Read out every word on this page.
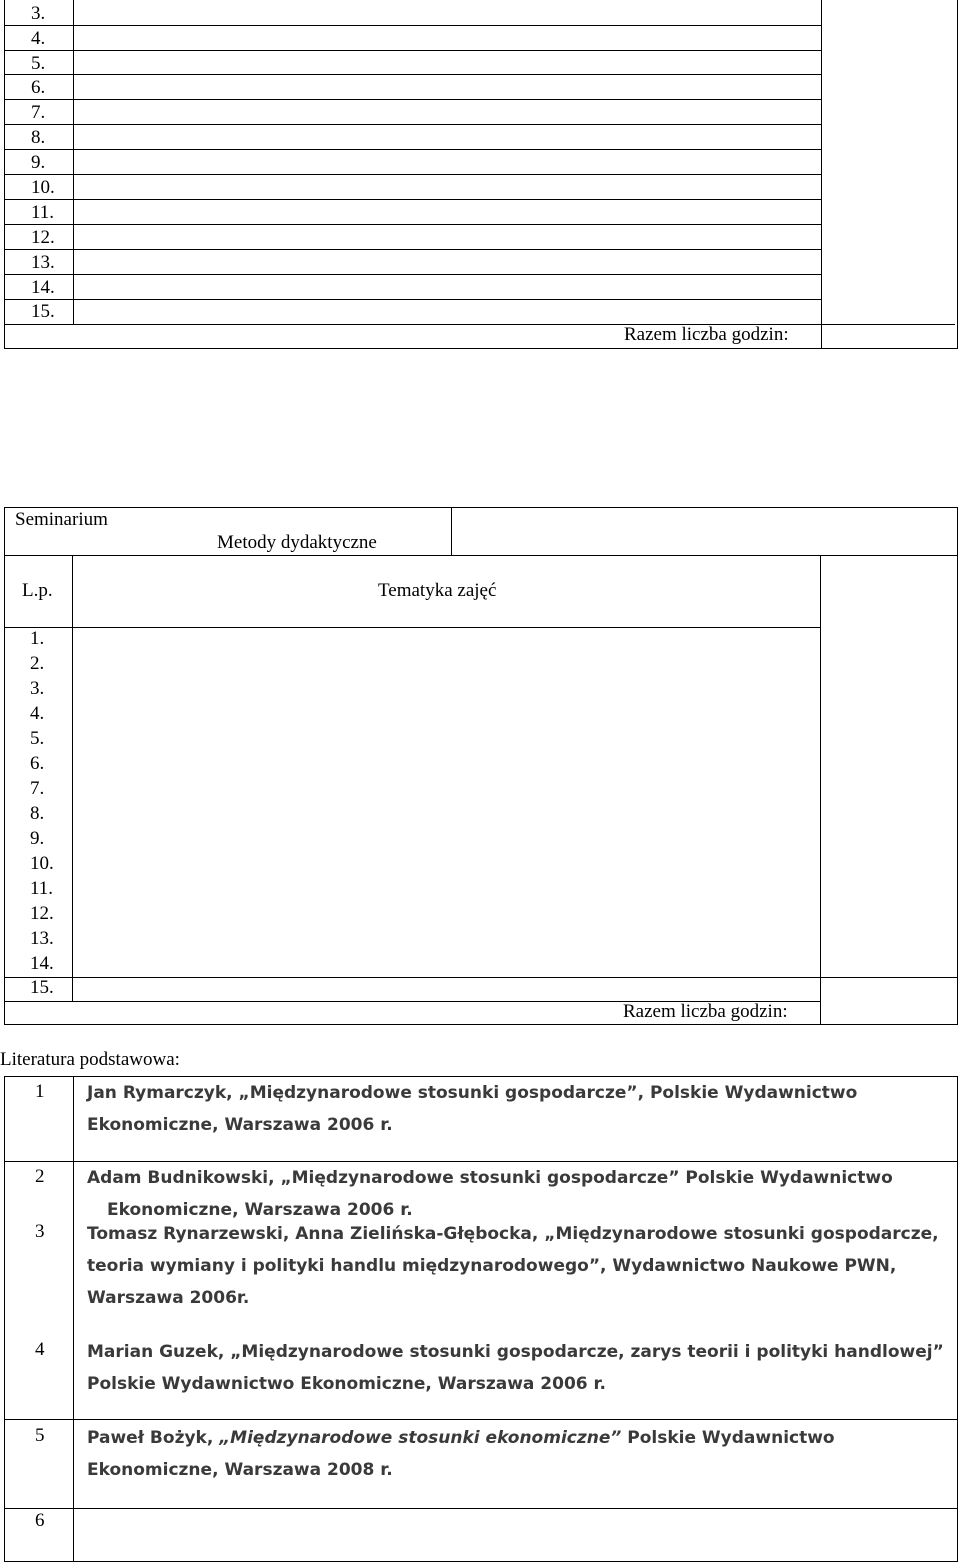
3.
4.
5.
6.
7.
8.
9.
10.
11.
12.
13.
14.
15.
Razem liczba godzin:
Seminarium
Metody dydaktyczne
L.p.	Tematyka zajęć
1.
2.
3.
4.
5.
6.
7.
8.
9.
10.
11.
12.
13.
14.
15.
Razem liczba godzin:
Literatura podstawowa:
1	Jan Rymarczyk, „Międzynarodowe stosunki gospodarcze”, Polskie Wydawnictwo
Ekonomiczne, Warszawa 2006 r.
2	Adam Budnikowski, „Międzynarodowe stosunki gospodarcze” Polskie Wydawnictwo
Ekonomiczne, Warszawa 2006 r.
3	Tomasz Rynarzewski, Anna Zielińska-Głębocka, „Międzynarodowe stosunki gospodarcze,
teoria wymiany i polityki handlu międzynarodowego”, Wydawnictwo Naukowe PWN,
Warszawa 2006r.
4	Marian Guzek, „Międzynarodowe stosunki gospodarcze, zarys teorii i polityki handlowej”
Polskie Wydawnictwo Ekonomiczne, Warszawa 2006 r.
5	Paweł Bożyk, „Międzynarodowe stosunki ekonomiczne” Polskie Wydawnictwo
Ekonomiczne, Warszawa 2008 r.
6
